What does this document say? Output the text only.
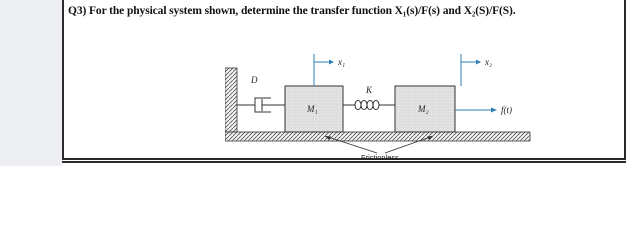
Q3) For the physical system shown, determine the transfer function X₁(s)/F(s) and X₂(S)/F(S).
D
M₁
x₁
K
M₂
x₂
f(t)
Frictionless
